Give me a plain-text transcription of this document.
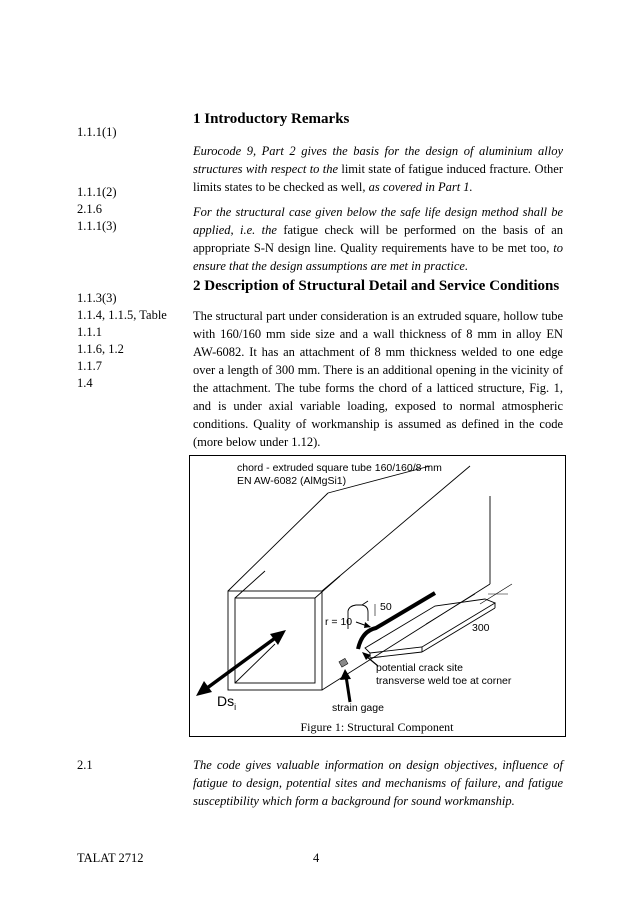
1.1.1(1)
1.1.1(2)
2.1.6
1.1.1(3)
1.1.3(3)
1.1.4, 1.1.5, Table
1.1.1
1.1.6, 1.2
1.1.7
1.4
2.1
1 Introductory Remarks
Eurocode 9, Part 2 gives the basis for the design of aluminium alloy structures with respect to the limit state of fatigue induced fracture. Other limits states to be checked as well, as covered in Part 1.
For the structural case given below the safe life design method shall be applied, i.e. the fatigue check will be performed on the basis of an appropriate S-N design line. Quality requirements have to be met too, to ensure that the design assumptions are met in practice.
2 Description of Structural Detail and Service Conditions
The structural part under consideration is an extruded square, hollow tube with 160/160 mm side size and a wall thickness of 8 mm in alloy EN AW-6082. It has an attachment of 8 mm thickness welded to one edge over a length of 300 mm. There is an additional opening in the vicinity of the attachment. The tube forms the chord of a latticed structure, Fig. 1, and is under axial variable loading, exposed to normal atmospheric conditions. Quality of workmanship is assumed as defined in the code (more below under 1.12).
chord - extruded square tube 160/160/8 mm
EN AW-6082 (AlMgSi1)
50
r = 10	300
potential crack site
transverse weld toe at corner
strain gage
$Ds_i$
Figure 1: Structural Component
The code gives valuable information on design objectives, influence of fatigue to design, potential sites and mechanisms of failure, and fatigue susceptibility which form a background for sound workmanship.
TALAT 2712	4
